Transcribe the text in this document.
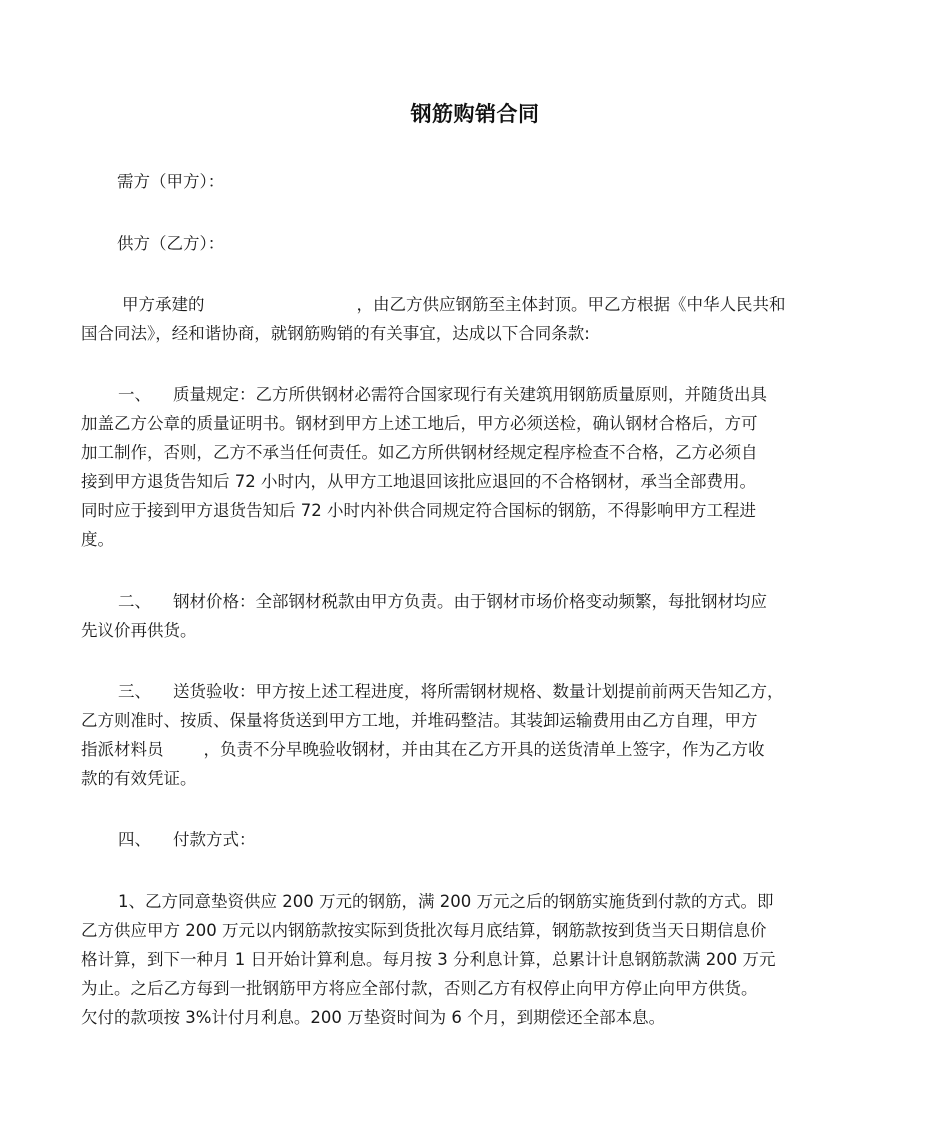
钢筋购销合同
需方（甲方）：
供方（乙方）：
甲方承建的	，由乙方供应钢筋至主体封顶。甲乙方根据《中华人民共和
国合同法》，经和谐协商，就钢筋购销的有关事宜，达成以下合同条款:
一、 质量规定：乙方所供钢材必需符合国家现行有关建筑用钢筋质量原则，并随货出具
加盖乙方公章的质量证明书。钢材到甲方上述工地后，甲方必须送检，确认钢材合格后，方可
加工制作，否则，乙方不承当任何责任。如乙方所供钢材经规定程序检查不合格，乙方必须自
接到甲方退货告知后 72 小时内，从甲方工地退回该批应退回的不合格钢材，承当全部费用。
同时应于接到甲方退货告知后 72 小时内补供合同规定符合国标的钢筋，不得影响甲方工程进
度。
二、 钢材价格：全部钢材税款由甲方负责。由于钢材市场价格变动频繁，每批钢材均应
先议价再供货。
三、 送货验收：甲方按上述工程进度，将所需钢材规格、数量计划提前前两天告知乙方，
乙方则准时、按质、保量将货送到甲方工地，并堆码整洁。其装卸运输费用由乙方自理，甲方
指派材料员 ，负责不分早晚验收钢材，并由其在乙方开具的送货清单上签字，作为乙方收
款的有效凭证。
四、 付款方式：
1、乙方同意垫资供应 200 万元的钢筋，满 200 万元之后的钢筋实施货到付款的方式。即
乙方供应甲方 200 万元以内钢筋款按实际到货批次每月底结算，钢筋款按到货当天日期信息价
格计算，到下一种月 1 日开始计算利息。每月按 3 分利息计算，总累计计息钢筋款满 200 万元
为止。之后乙方每到一批钢筋甲方将应全部付款，否则乙方有权停止向甲方停止向甲方供货。
欠付的款项按 3%计付月利息。200 万垫资时间为 6 个月，到期偿还全部本息。
